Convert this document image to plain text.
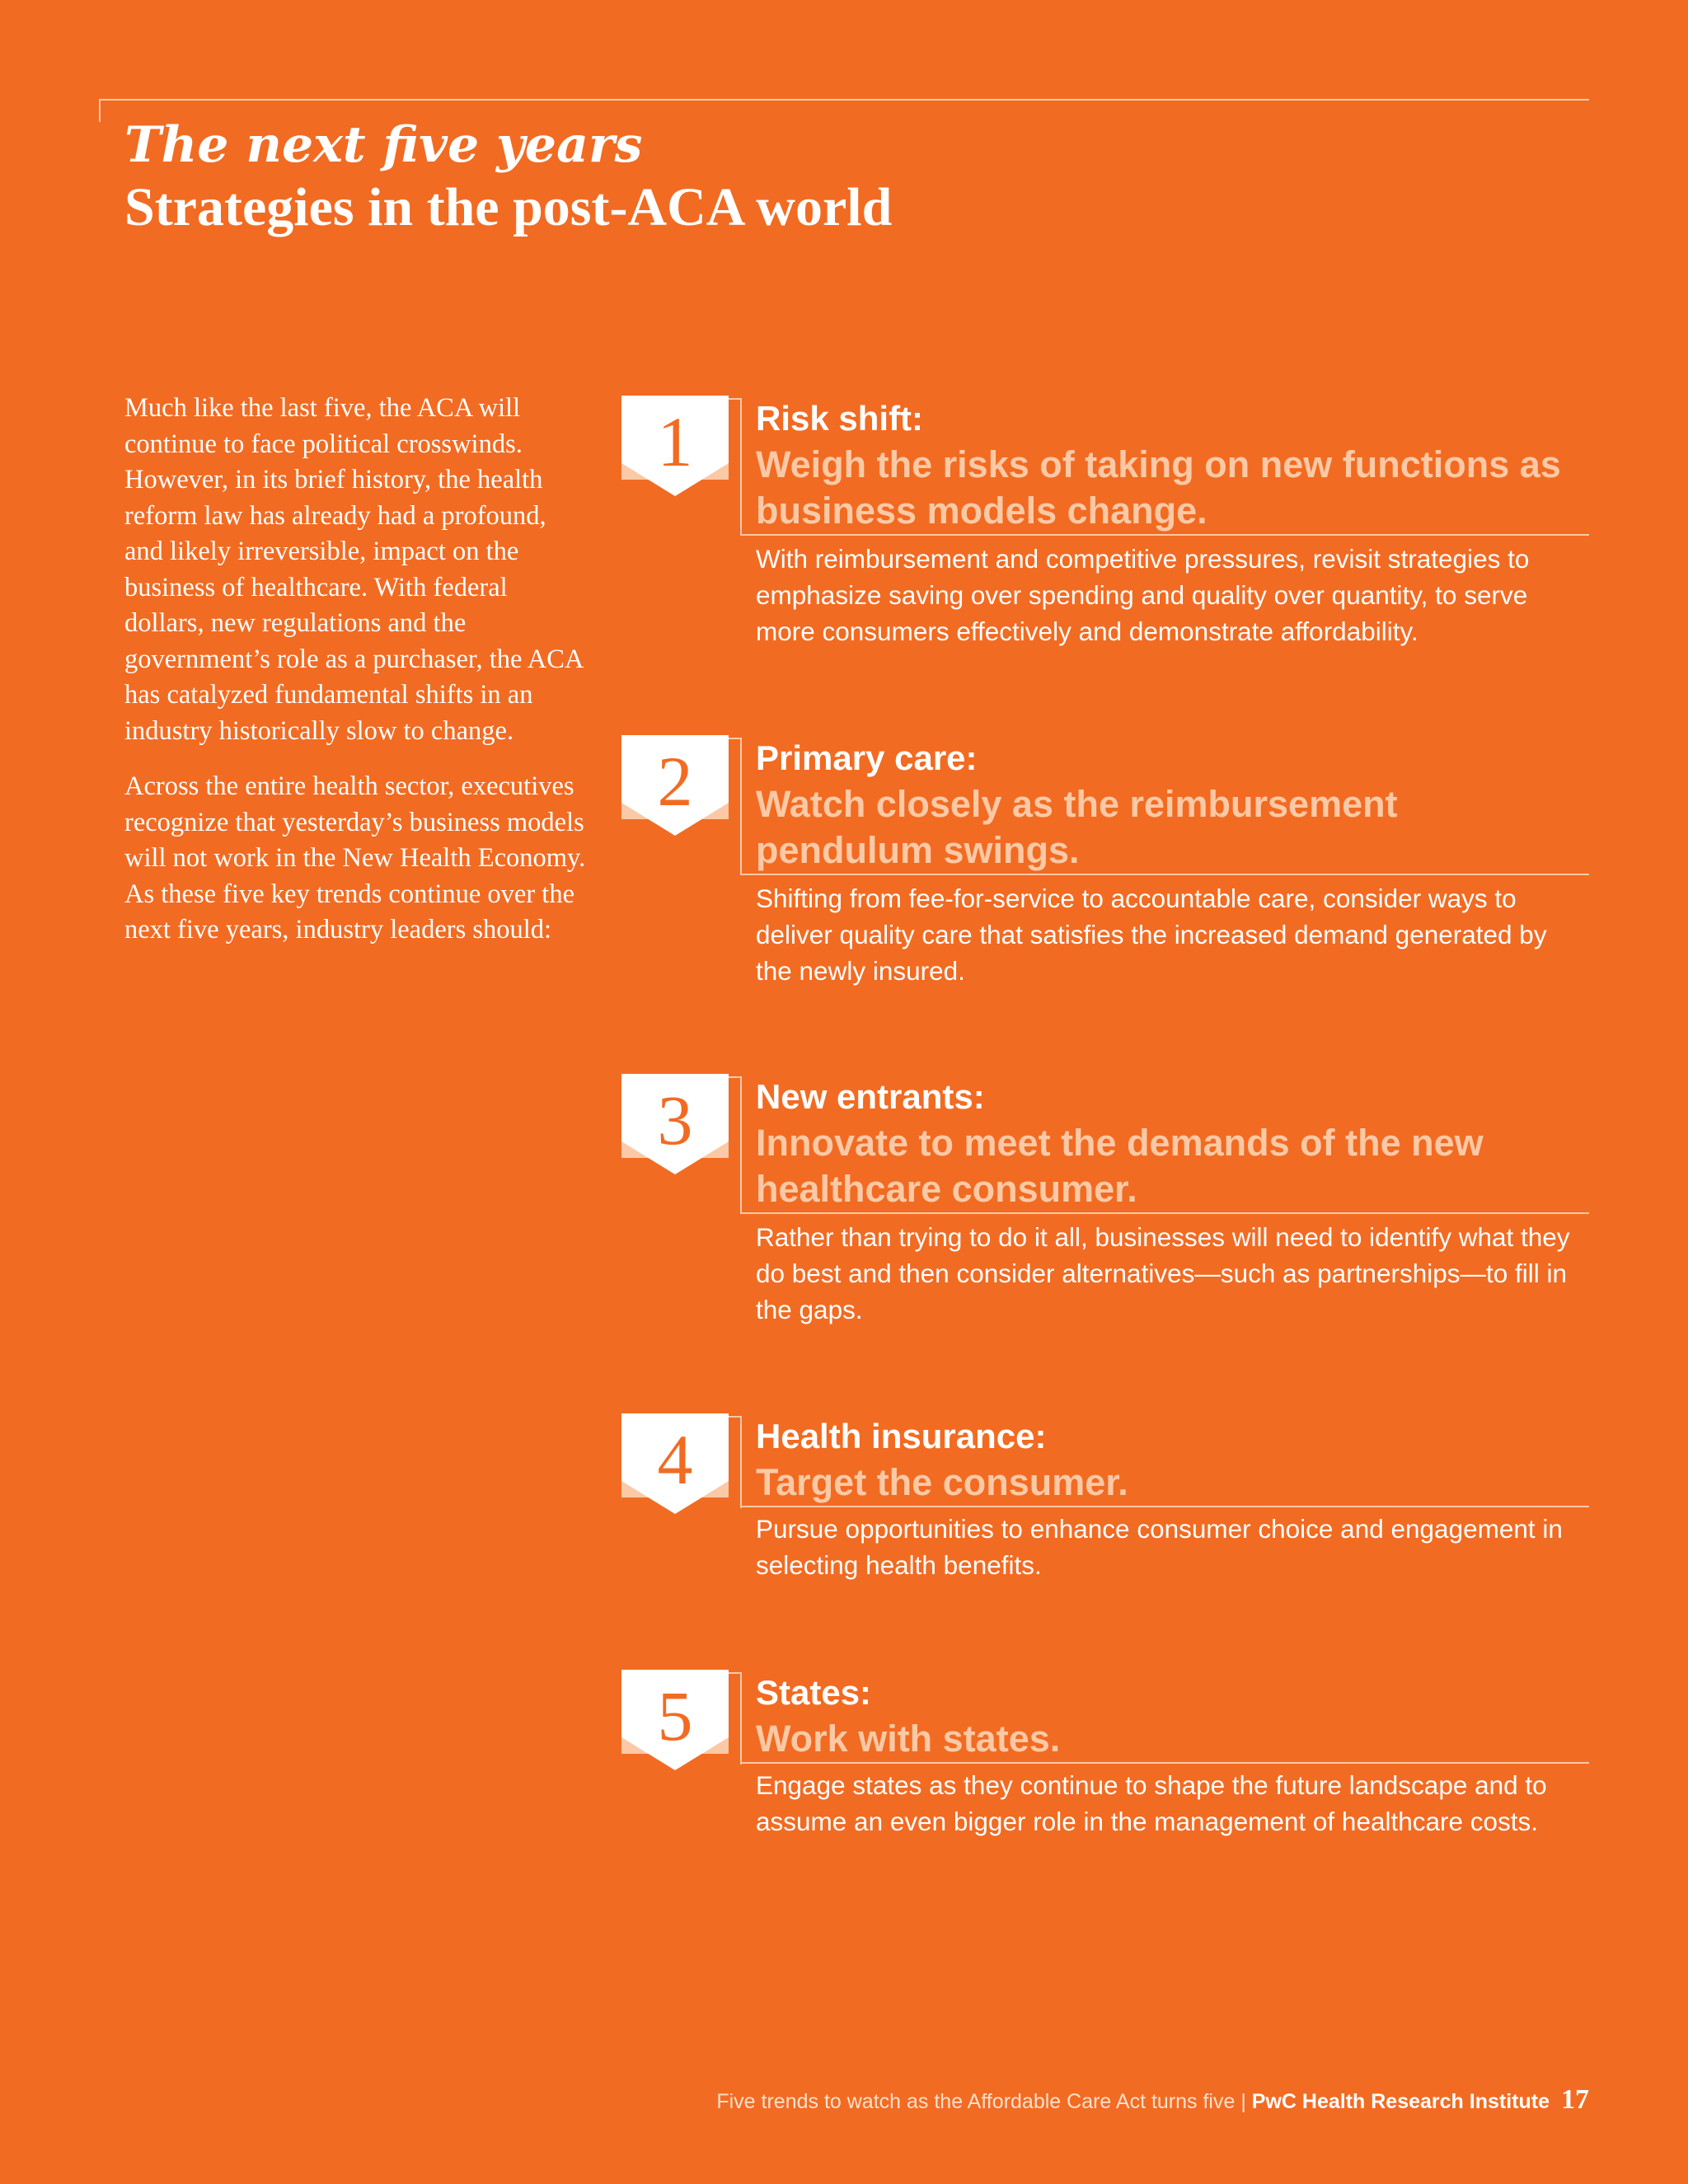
The next five years
Strategies in the post-ACA world

Much like the last five, the ACA will continue to face political crosswinds. However, in its brief history, the health reform law has already had a profound, and likely irreversible, impact on the business of healthcare. With federal dollars, new regulations and the government’s role as a purchaser, the ACA has catalyzed fundamental shifts in an industry historically slow to change.

Across the entire health sector, executives recognize that yesterday’s business models will not work in the New Health Economy. As these five key trends continue over the next five years, industry leaders should:

1	Risk shift:
Weigh the risks of taking on new functions as business models change.
With reimbursement and competitive pressures, revisit strategies to emphasize saving over spending and quality over quantity, to serve more consumers effectively and demonstrate affordability.
2	Primary care:
Watch closely as the reimbursement pendulum swings.
Shifting from fee-for-service to accountable care, consider ways to deliver quality care that satisfies the increased demand generated by the newly insured.
3	New entrants:
Innovate to meet the demands of the new healthcare consumer.
Rather than trying to do it all, businesses will need to identify what they do best and then consider alternatives—such as partnerships—to fill in the gaps.
4	Health insurance:
Target the consumer.
Pursue opportunities to enhance consumer choice and engagement in selecting health benefits.
5	States:
Work with states.
Engage states as they continue to shape the future landscape and to assume an even bigger role in the management of healthcare costs.
Five trends to watch as the Affordable Care Act turns five | PwC Health Research Institute 17
